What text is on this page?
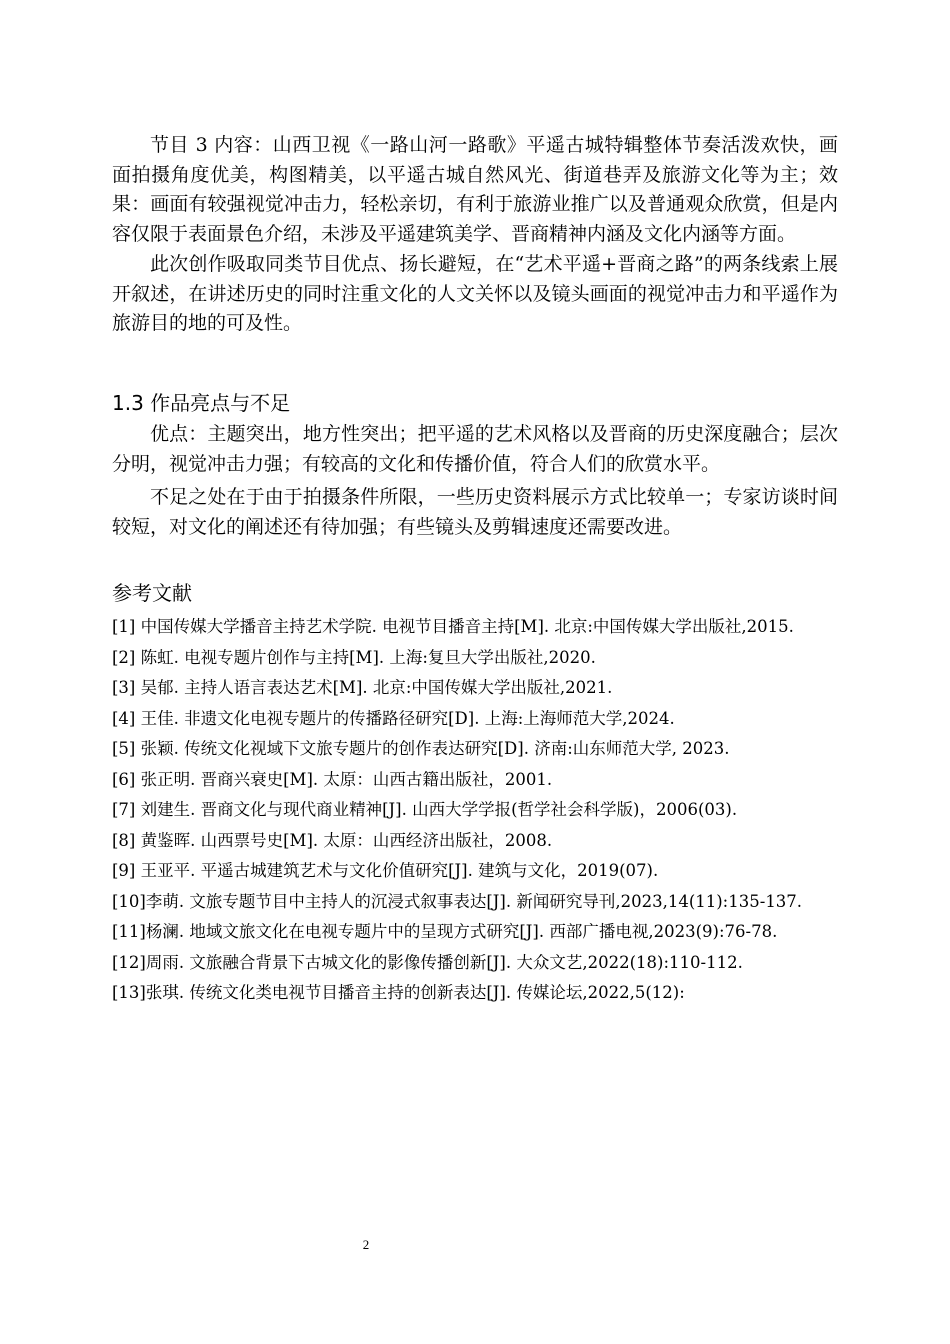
节目 3 内容：山西卫视《一路山河一路歌》平遥古城特辑整体节奏活泼欢快，画面拍摄角度优美，构图精美，以平遥古城自然风光、街道巷弄及旅游文化等为主；效果：画面有较强视觉冲击力，轻松亲切，有利于旅游业推广以及普通观众欣赏，但是内容仅限于表面景色介绍，未涉及平遥建筑美学、晋商精神内涵及文化内涵等方面。

此次创作吸取同类节目优点、扬长避短，在“艺术平遥+晋商之路”的两条线索上展开叙述，在讲述历史的同时注重文化的人文关怀以及镜头画面的视觉冲击力和平遥作为旅游目的地的可及性。

1.3 作品亮点与不足

优点：主题突出，地方性突出；把平遥的艺术风格以及晋商的历史深度融合；层次分明，视觉冲击力强；有较高的文化和传播价值，符合人们的欣赏水平。

不足之处在于由于拍摄条件所限，一些历史资料展示方式比较单一；专家访谈时间较短，对文化的阐述还有待加强；有些镜头及剪辑速度还需要改进。

参考文献
[1] 中国传媒大学播音主持艺术学院. 电视节目播音主持[M]. 北京:中国传媒大学出版社,2015.
[2] 陈虹. 电视专题片创作与主持[M]. 上海:复旦大学出版社,2020.
[3] 吴郁. 主持人语言表达艺术[M]. 北京:中国传媒大学出版社,2021.
[4] 王佳. 非遗文化电视专题片的传播路径研究[D]. 上海:上海师范大学,2024.
[5] 张颖. 传统文化视域下文旅专题片的创作表达研究[D]. 济南:山东师范大学, 2023.
[6] 张正明. 晋商兴衰史[M]. 太原：山西古籍出版社，2001.
[7] 刘建生. 晋商文化与现代商业精神[J]. 山西大学学报(哲学社会科学版)，2006(03).
[8] 黄鉴晖. 山西票号史[M]. 太原：山西经济出版社，2008.
[9] 王亚平. 平遥古城建筑艺术与文化价值研究[J]. 建筑与文化，2019(07).
[10]李萌. 文旅专题节目中主持人的沉浸式叙事表达[J]. 新闻研究导刊,2023,14(11):135-137.
[11]杨澜. 地域文旅文化在电视专题片中的呈现方式研究[J]. 西部广播电视,2023(9):76-78.
[12]周雨. 文旅融合背景下古城文化的影像传播创新[J]. 大众文艺,2022(18):110-112.
[13]张琪. 传统文化类电视节目播音主持的创新表达[J]. 传媒论坛,2022,5(12):
2
